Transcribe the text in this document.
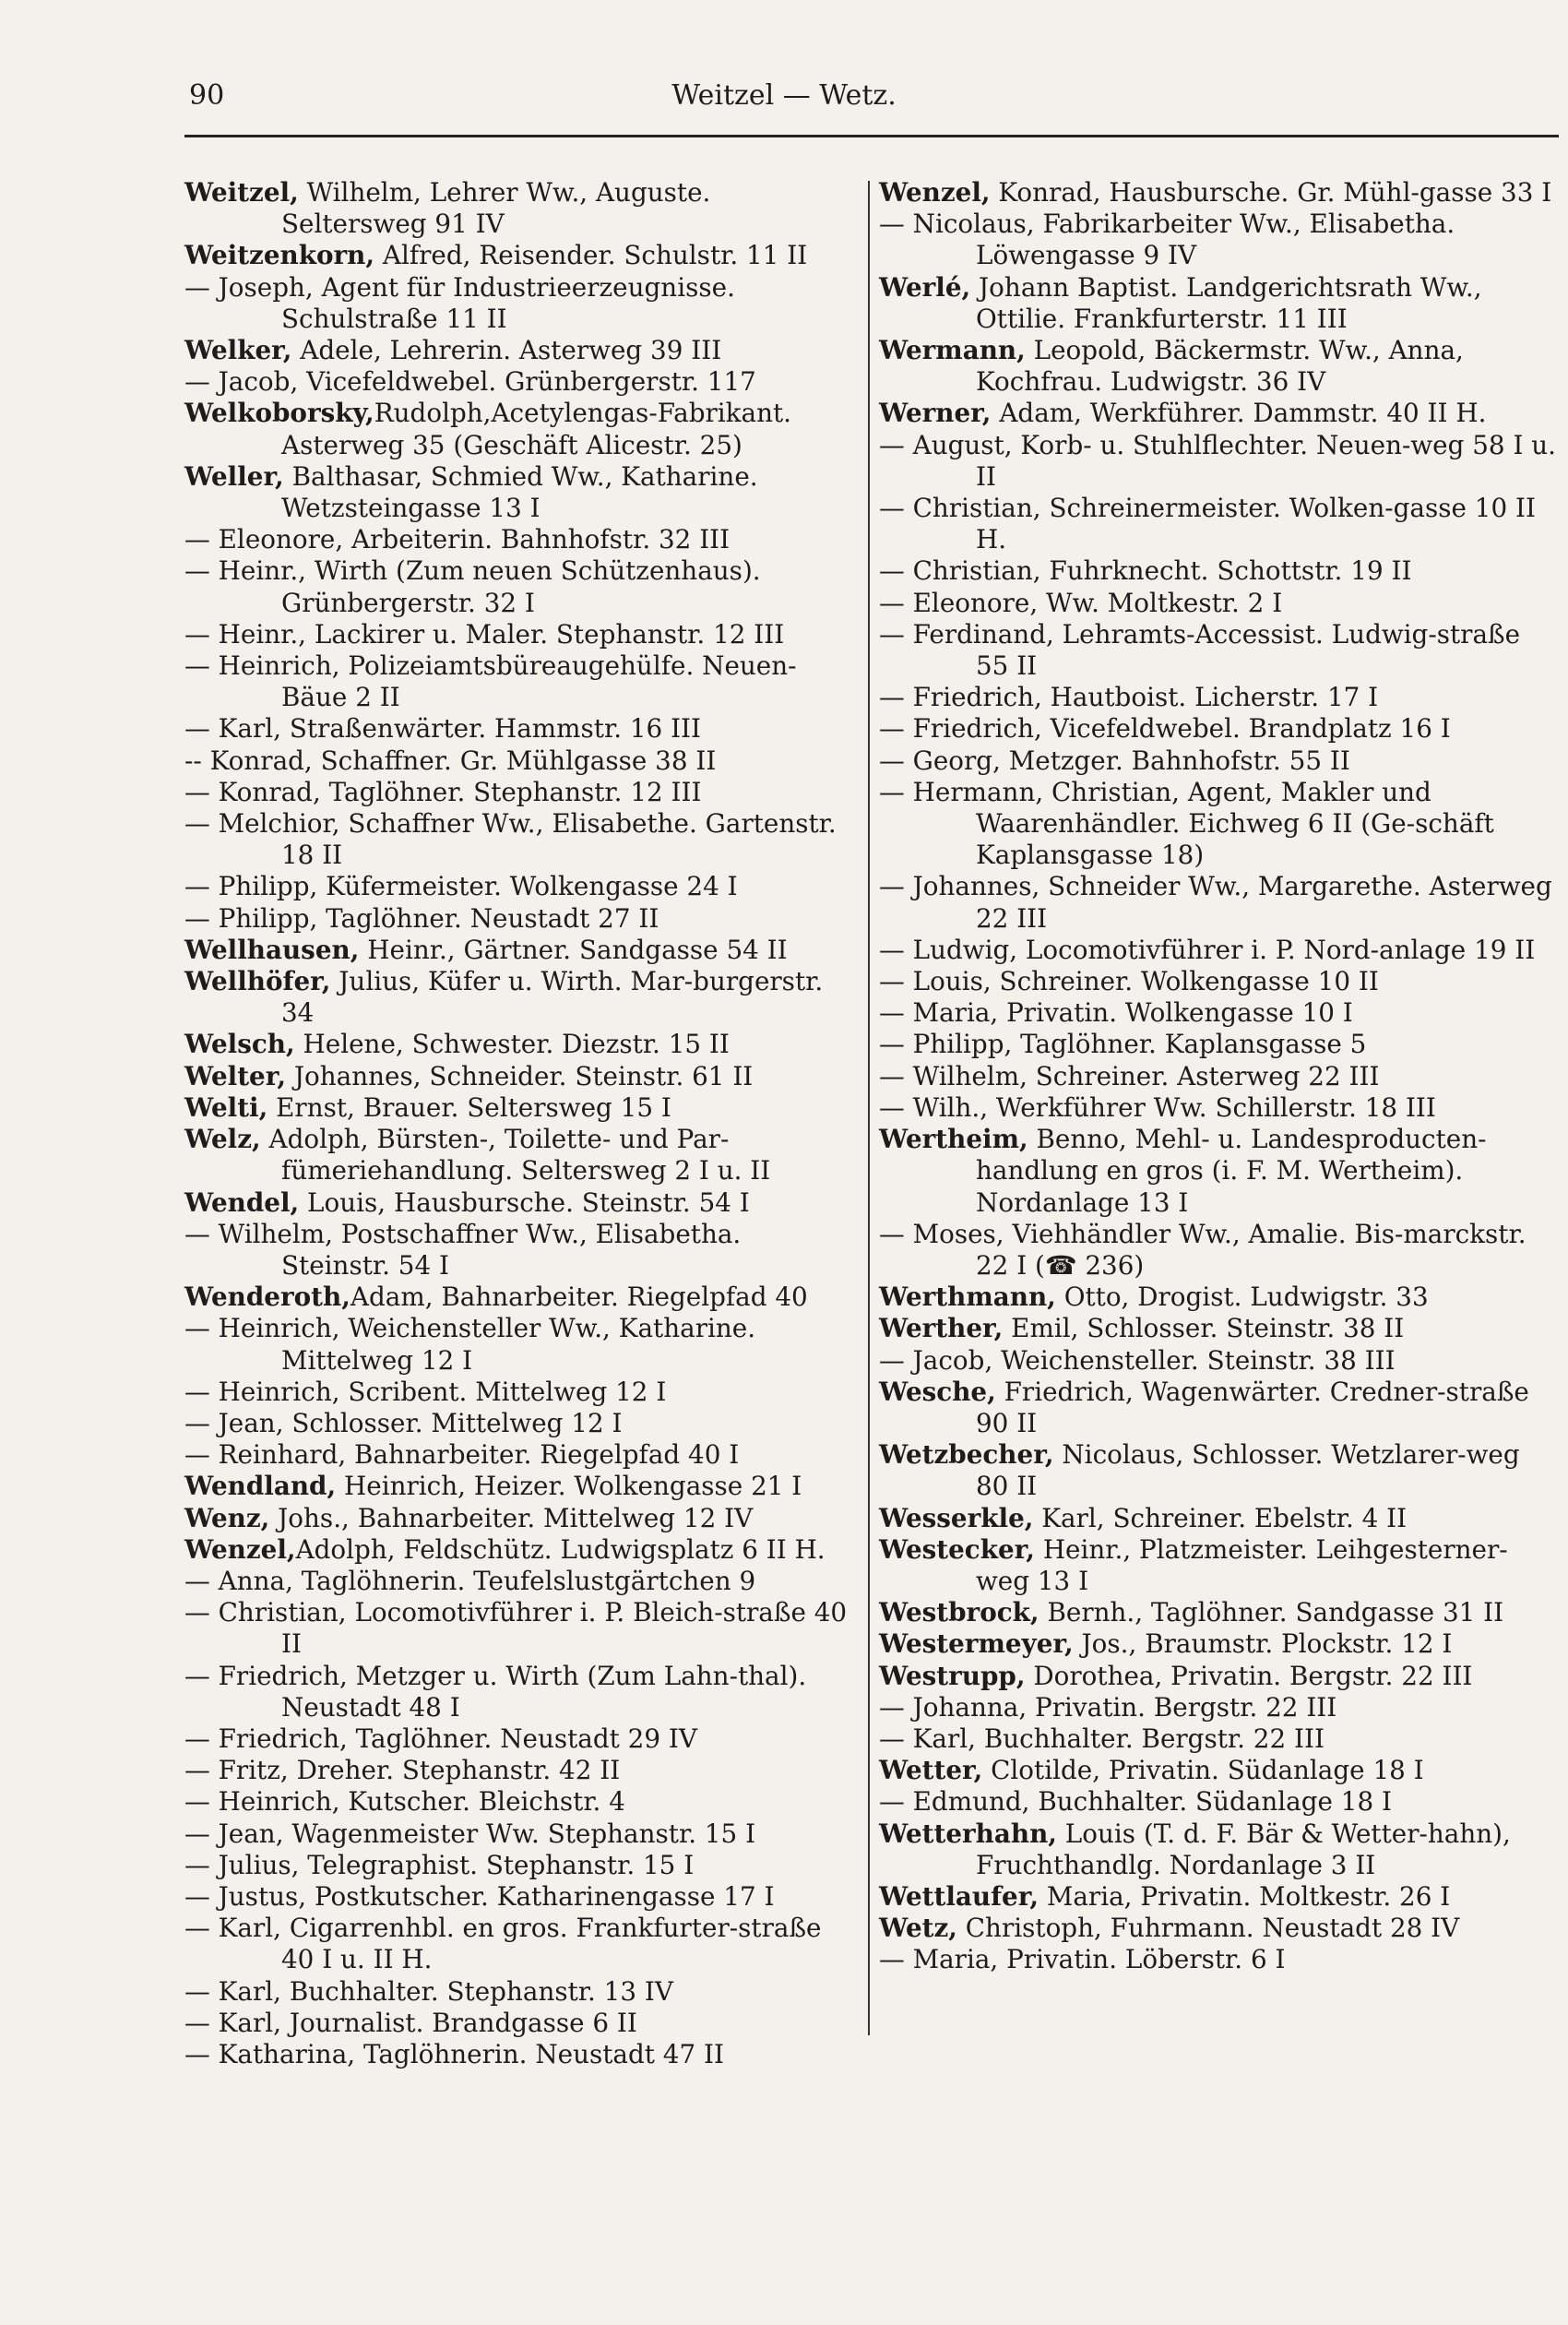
90	Weitzel — Wetz.
Weitzel, Wilhelm, Lehrer Ww., Auguste. Seltersweg 91 IV
Weitzenkorn, Alfred, Reisender. Schulstr. 11 II
— Joseph, Agent für Industrieerzeugnisse. Schulstraße 11 II
Welker, Adele, Lehrerin. Asterweg 39 III
— Jacob, Vicefeldwebel. Grünbergerstr. 117
Welkoborsky,Rudolph,Acetylengas-Fabrikant. Asterweg 35 (Geschäft Alicestr. 25)
Weller, Balthasar, Schmied Ww., Katharine. Wetzsteingasse 13 I
— Eleonore, Arbeiterin. Bahnhofstr. 32 III
— Heinr., Wirth (Zum neuen Schützenhaus). Grünbergerstr. 32 I
— Heinr., Lackirer u. Maler. Stephanstr. 12 III
— Heinrich, Polizeiamtsbüreaugehülfe. Neuen-Bäue 2 II
— Karl, Straßenwärter. Hammstr. 16 III
-- Konrad, Schaffner. Gr. Mühlgasse 38 II
— Konrad, Taglöhner. Stephanstr. 12 III
— Melchior, Schaffner Ww., Elisabethe. Gartenstr. 18 II
— Philipp, Küfermeister. Wolkengasse 24 I
— Philipp, Taglöhner. Neustadt 27 II
Wellhausen, Heinr., Gärtner. Sandgasse 54 II
Wellhöfer, Julius, Küfer u. Wirth. Mar-burgerstr. 34
Welsch, Helene, Schwester. Diezstr. 15 II
Welter, Johannes, Schneider. Steinstr. 61 II
Welti, Ernst, Brauer. Seltersweg 15 I
Welz, Adolph, Bürsten-, Toilette- und Par-fümeriehandlung. Seltersweg 2 I u. II
Wendel, Louis, Hausbursche. Steinstr. 54 I
— Wilhelm, Postschaffner Ww., Elisabetha. Steinstr. 54 I
Wenderoth,Adam, Bahnarbeiter. Riegelpfad 40
— Heinrich, Weichensteller Ww., Katharine. Mittelweg 12 I
— Heinrich, Scribent. Mittelweg 12 I
— Jean, Schlosser. Mittelweg 12 I
— Reinhard, Bahnarbeiter. Riegelpfad 40 I
Wendland, Heinrich, Heizer. Wolkengasse 21 I
Wenz, Johs., Bahnarbeiter. Mittelweg 12 IV
Wenzel,Adolph, Feldschütz. Ludwigsplatz 6 II H.
— Anna, Taglöhnerin. Teufelslustgärtchen 9
— Christian, Locomotivführer i. P. Bleich-straße 40 II
— Friedrich, Metzger u. Wirth (Zum Lahn-thal). Neustadt 48 I
— Friedrich, Taglöhner. Neustadt 29 IV
— Fritz, Dreher. Stephanstr. 42 II
— Heinrich, Kutscher. Bleichstr. 4
— Jean, Wagenmeister Ww. Stephanstr. 15 I
— Julius, Telegraphist. Stephanstr. 15 I
— Justus, Postkutscher. Katharinengasse 17 I
— Karl, Cigarrenhbl. en gros. Frankfurter-straße 40 I u. II H.
— Karl, Buchhalter. Stephanstr. 13 IV
— Karl, Journalist. Brandgasse 6 II
— Katharina, Taglöhnerin. Neustadt 47 II
Wenzel, Konrad, Hausbursche. Gr. Mühl-gasse 33 I
— Nicolaus, Fabrikarbeiter Ww., Elisabetha. Löwengasse 9 IV
Werlé, Johann Baptist. Landgerichtsrath Ww., Ottilie. Frankfurterstr. 11 III
Wermann, Leopold, Bäckermstr. Ww., Anna, Kochfrau. Ludwigstr. 36 IV
Werner, Adam, Werkführer. Dammstr. 40 II H.
— August, Korb- u. Stuhlflechter. Neuen-weg 58 I u. II
— Christian, Schreinermeister. Wolken-gasse 10 II H.
— Christian, Fuhrknecht. Schottstr. 19 II
— Eleonore, Ww. Moltkestr. 2 I
— Ferdinand, Lehramts-Accessist. Ludwig-straße 55 II
— Friedrich, Hautboist. Licherstr. 17 I
— Friedrich, Vicefeldwebel. Brandplatz 16 I
— Georg, Metzger. Bahnhofstr. 55 II
— Hermann, Christian, Agent, Makler und Waarenhändler. Eichweg 6 II (Ge-schäft Kaplansgasse 18)
— Johannes, Schneider Ww., Margarethe. Asterweg 22 III
— Ludwig, Locomotivführer i. P. Nord-anlage 19 II
— Louis, Schreiner. Wolkengasse 10 II
— Maria, Privatin. Wolkengasse 10 I
— Philipp, Taglöhner. Kaplansgasse 5
— Wilhelm, Schreiner. Asterweg 22 III
— Wilh., Werkführer Ww. Schillerstr. 18 III
Wertheim, Benno, Mehl- u. Landesproducten-handlung en gros (i. F. M. Wertheim). Nordanlage 13 I
— Moses, Viehhändler Ww., Amalie. Bis-marckstr. 22 I (☎ 236)
Werthmann, Otto, Drogist. Ludwigstr. 33
Werther, Emil, Schlosser. Steinstr. 38 II
— Jacob, Weichensteller. Steinstr. 38 III
Wesche, Friedrich, Wagenwärter. Credner-straße 90 II
Wetzbecher, Nicolaus, Schlosser. Wetzlarer-weg 80 II
Wesserkle, Karl, Schreiner. Ebelstr. 4 II
Westecker, Heinr., Platzmeister. Leihgesterner-weg 13 I
Westbrock, Bernh., Taglöhner. Sandgasse 31 II
Westermeyer, Jos., Braumstr. Plockstr. 12 I
Westrupp, Dorothea, Privatin. Bergstr. 22 III
— Johanna, Privatin. Bergstr. 22 III
— Karl, Buchhalter. Bergstr. 22 III
Wetter, Clotilde, Privatin. Südanlage 18 I
— Edmund, Buchhalter. Südanlage 18 I
Wetterhahn, Louis (T. d. F. Bär & Wetter-hahn), Fruchthandlg. Nordanlage 3 II
Wettlaufer, Maria, Privatin. Moltkestr. 26 I
Wetz, Christoph, Fuhrmann. Neustadt 28 IV
— Maria, Privatin. Löberstr. 6 I
